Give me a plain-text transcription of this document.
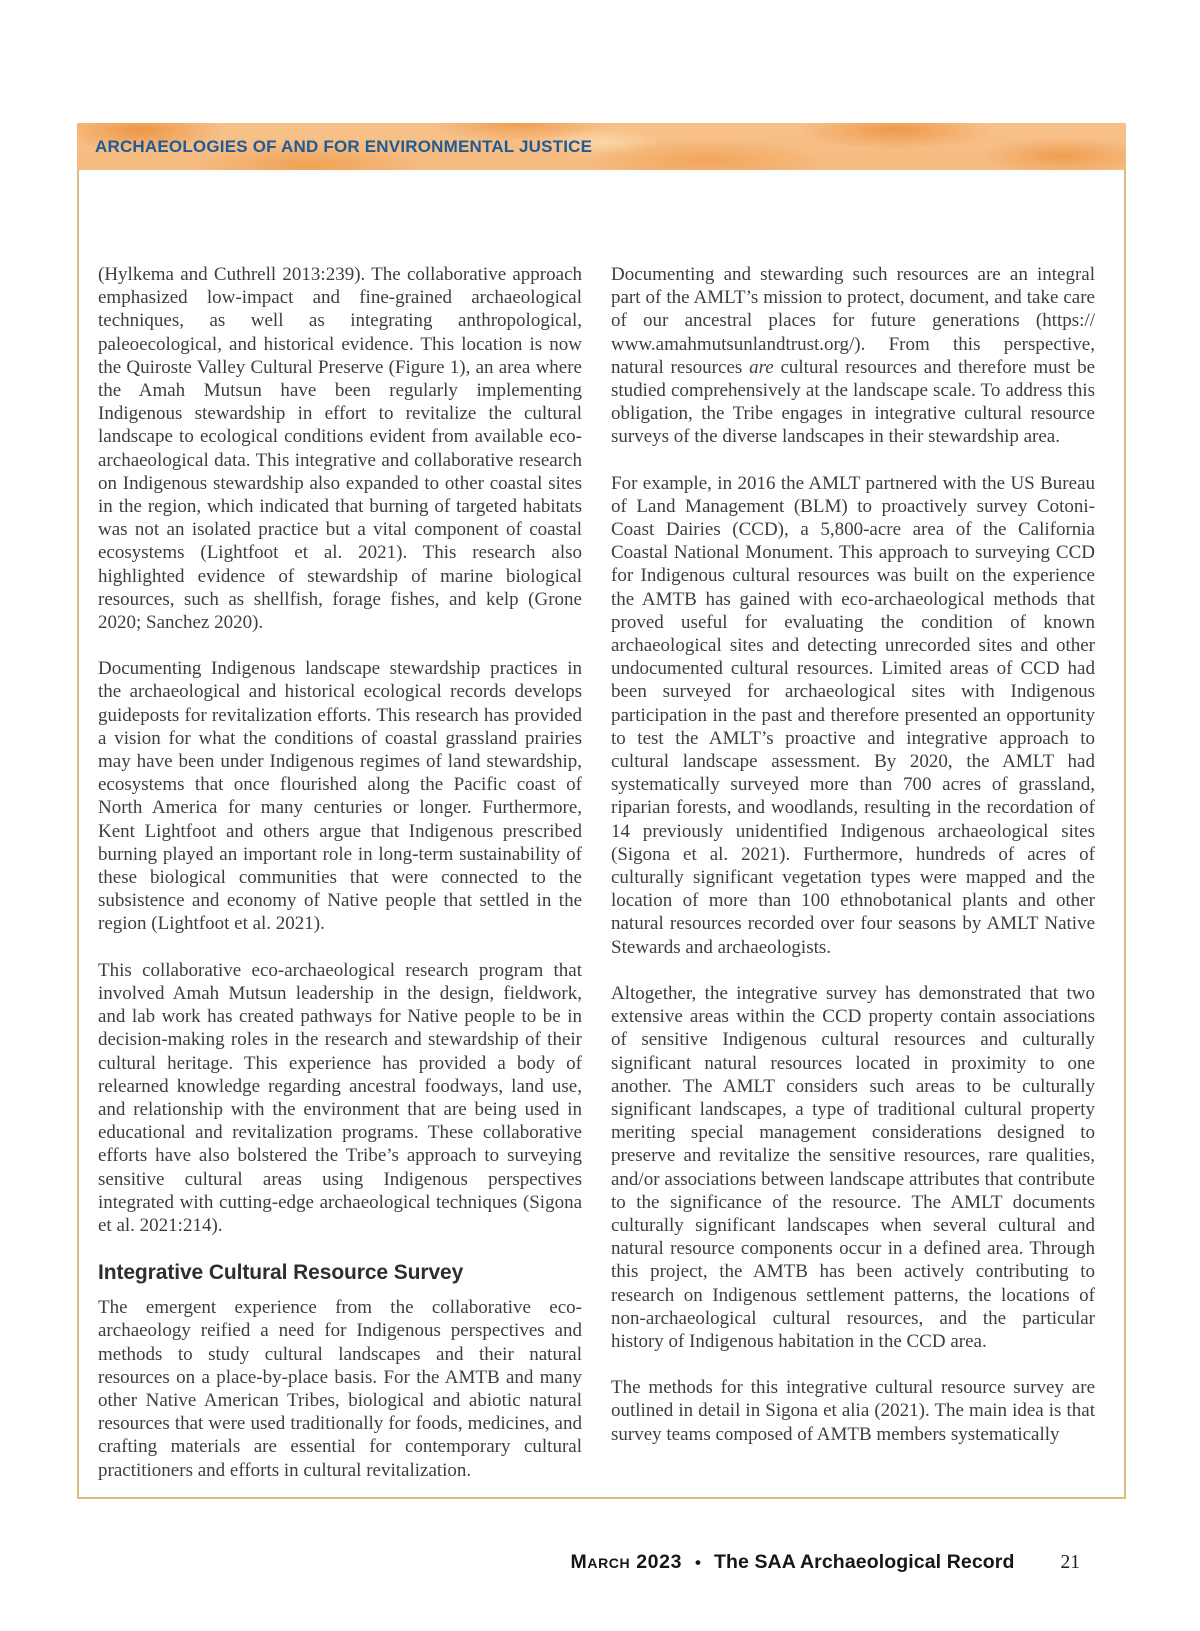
ARCHAEOLOGIES OF AND FOR ENVIRONMENTAL JUSTICE

(Hylkema and Cuthrell 2013:239). The collaborative approach emphasized low-impact and fine-grained archaeological techniques, as well as integrating anthropological, paleoecological, and historical evidence. This location is now the Quiroste Valley Cultural Preserve (Figure 1), an area where the Amah Mutsun have been regularly implementing Indigenous stewardship in effort to revitalize the cultural landscape to ecological conditions evident from available eco-archaeological data. This integrative and collaborative research on Indigenous stewardship also expanded to other coastal sites in the region, which indicated that burning of targeted habitats was not an isolated practice but a vital component of coastal ecosystems (Lightfoot et al. 2021). This research also highlighted evidence of stewardship of marine biological resources, such as shellfish, forage fishes, and kelp (Grone 2020; Sanchez 2020).

Documenting Indigenous landscape stewardship practices in the archaeological and historical ecological records develops guideposts for revitalization efforts. This research has provided a vision for what the conditions of coastal grassland prairies may have been under Indigenous regimes of land stewardship, ecosystems that once flourished along the Pacific coast of North America for many centuries or longer. Furthermore, Kent Lightfoot and others argue that Indigenous prescribed burning played an important role in long-term sustainability of these biological communities that were connected to the subsistence and economy of Native people that settled in the region (Lightfoot et al. 2021).

This collaborative eco-archaeological research program that involved Amah Mutsun leadership in the design, fieldwork, and lab work has created pathways for Native people to be in decision-making roles in the research and stewardship of their cultural heritage. This experience has provided a body of relearned knowledge regarding ancestral foodways, land use, and relationship with the environment that are being used in educational and revitalization programs. These collaborative efforts have also bolstered the Tribe’s approach to surveying sensitive cultural areas using Indigenous perspectives integrated with cutting-edge archaeological techniques (Sigona et al. 2021:214).

Integrative Cultural Resource Survey

The emergent experience from the collaborative eco-archaeology reified a need for Indigenous perspectives and methods to study cultural landscapes and their natural resources on a place-by-place basis. For the AMTB and many other Native American Tribes, biological and abiotic natural resources that were used traditionally for foods, medicines, and crafting materials are essential for contemporary cultural practitioners and efforts in cultural revitalization.

Documenting and stewarding such resources are an integral part of the AMLT’s mission to protect, document, and take care of our ancestral places for future generations (https://www.amahmutsunlandtrust.org/). From this perspective, natural resources are cultural resources and therefore must be studied comprehensively at the landscape scale. To address this obligation, the Tribe engages in integrative cultural resource surveys of the diverse landscapes in their stewardship area.

For example, in 2016 the AMLT partnered with the US Bureau of Land Management (BLM) to proactively survey Cotoni-Coast Dairies (CCD), a 5,800-acre area of the California Coastal National Monument. This approach to surveying CCD for Indigenous cultural resources was built on the experience the AMTB has gained with eco-archaeological methods that proved useful for evaluating the condition of known archaeological sites and detecting unrecorded sites and other undocumented cultural resources. Limited areas of CCD had been surveyed for archaeological sites with Indigenous participation in the past and therefore presented an opportunity to test the AMLT’s proactive and integrative approach to cultural landscape assessment. By 2020, the AMLT had systematically surveyed more than 700 acres of grassland, riparian forests, and woodlands, resulting in the recordation of 14 previously unidentified Indigenous archaeological sites (Sigona et al. 2021). Furthermore, hundreds of acres of culturally significant vegetation types were mapped and the location of more than 100 ethnobotanical plants and other natural resources recorded over four seasons by AMLT Native Stewards and archaeologists.

Altogether, the integrative survey has demonstrated that two extensive areas within the CCD property contain associations of sensitive Indigenous cultural resources and culturally significant natural resources located in proximity to one another. The AMLT considers such areas to be culturally significant landscapes, a type of traditional cultural property meriting special management considerations designed to preserve and revitalize the sensitive resources, rare qualities, and/or associations between landscape attributes that contribute to the significance of the resource. The AMLT documents culturally significant landscapes when several cultural and natural resource components occur in a defined area. Through this project, the AMTB has been actively contributing to research on Indigenous settlement patterns, the locations of non-archaeological cultural resources, and the particular history of Indigenous habitation in the CCD area.

The methods for this integrative cultural resource survey are outlined in detail in Sigona et alia (2021). The main idea is that survey teams composed of AMTB members systematically

March 2023 • The SAA Archaeological Record 21
